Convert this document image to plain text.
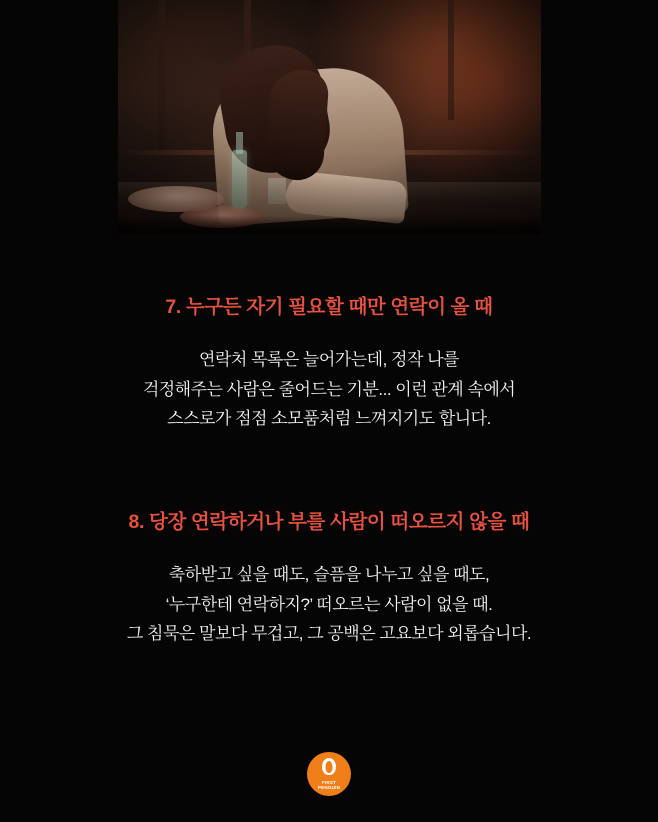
7. 누구든 자기 필요할 때만 연락이 올 때
연락처 목록은 늘어가는데, 정작 나를
걱정해주는 사람은 줄어드는 기분... 이런 관계 속에서
스스로가 점점 소모품처럼 느껴지기도 합니다.
8. 당장 연락하거나 부를 사람이 떠오르지 않을 때
축하받고 싶을 때도, 슬픔을 나누고 싶을 때도,
‘누구한테 연락하지?’ 떠오르는 사람이 없을 때.
그 침묵은 말보다 무겁고, 그 공백은 고요보다 외롭습니다.
FIRST
PENGUIN
